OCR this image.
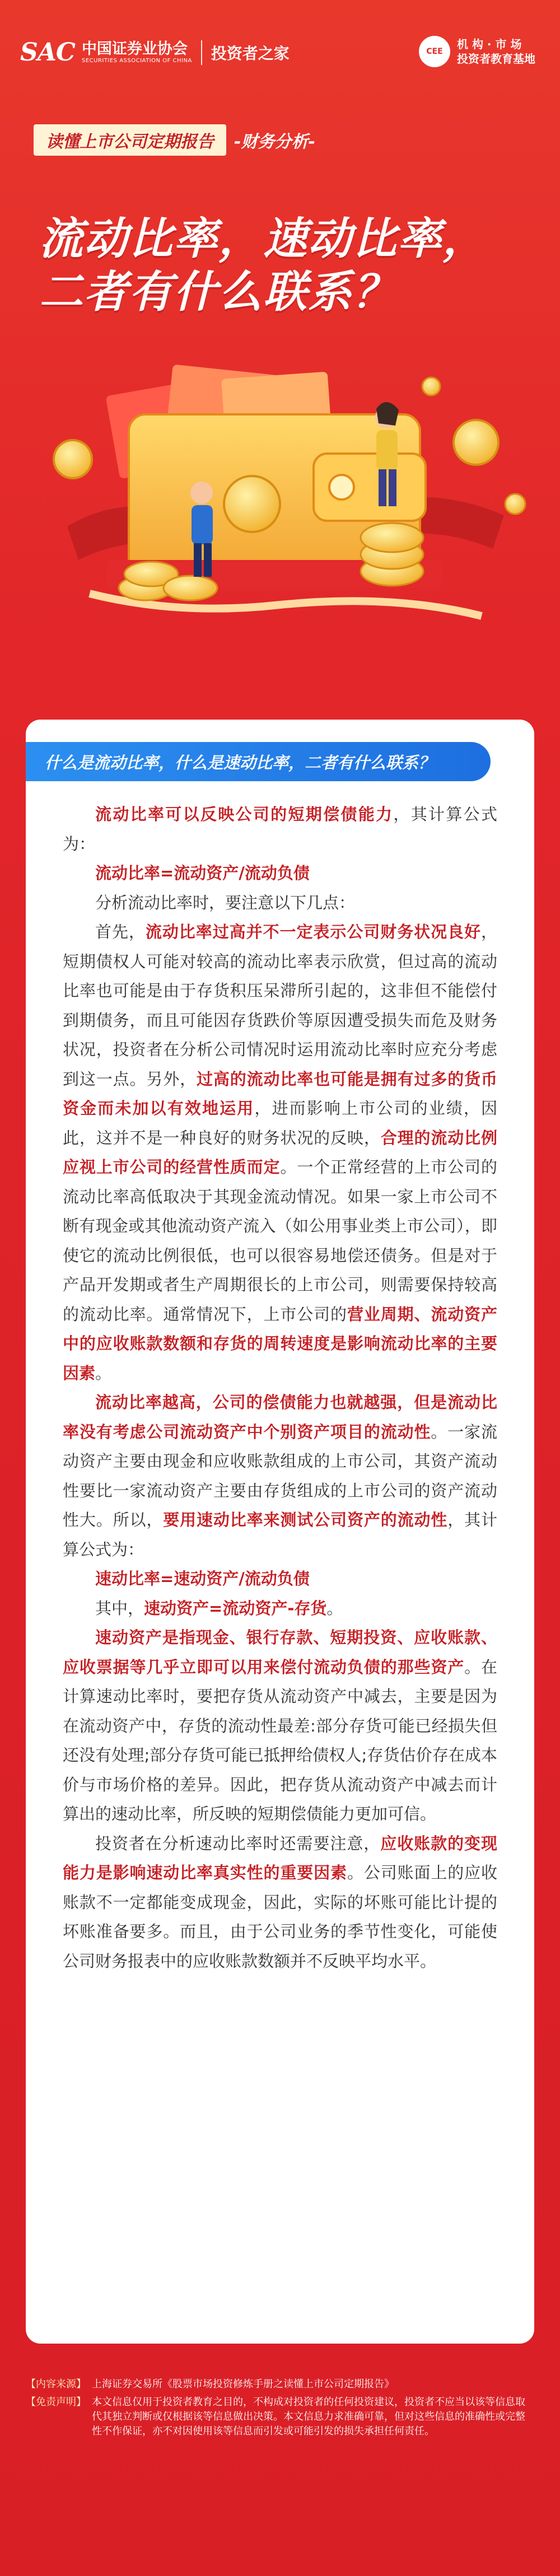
SAC 中国证券业协会
SECURITIES ASSOCIATION OF CHINA 投资者之家	CEE
机 构 · 市 场
投资者教育基地
读懂上市公司定期报告	-财务分析-
流动比率，速动比率，
二者有什么联系？
什么是流动比率，什么是速动比率，二者有什么联系？

流动比率可以反映公司的短期偿债能力，其计算公式为：

流动比率=流动资产/流动负债

分析流动比率时，要注意以下几点：

首先，流动比率过高并不一定表示公司财务状况良好，短期债权人可能对较高的流动比率表示欣赏，但过高的流动比率也可能是由于存货积压呆滞所引起的，这非但不能偿付到期债务，而且可能因存货跌价等原因遭受损失而危及财务状况，投资者在分析公司情况时运用流动比率时应充分考虑到这一点。另外，过高的流动比率也可能是拥有过多的货币资金而未加以有效地运用，进而影响上市公司的业绩，因此，这并不是一种良好的财务状况的反映，合理的流动比例应视上市公司的经营性质而定。一个正常经营的上市公司的流动比率高低取决于其现金流动情况。如果一家上市公司不断有现金或其他流动资产流入（如公用事业类上市公司），即使它的流动比例很低，也可以很容易地偿还债务。但是对于产品开发期或者生产周期很长的上市公司，则需要保持较高的流动比率。通常情况下，上市公司的营业周期、流动资产中的应收账款数额和存货的周转速度是影响流动比率的主要因素。

流动比率越高，公司的偿债能力也就越强，但是流动比率没有考虑公司流动资产中个别资产项目的流动性。一家流动资产主要由现金和应收账款组成的上市公司，其资产流动性要比一家流动资产主要由存货组成的上市公司的资产流动性大。所以，要用速动比率来测试公司资产的流动性，其计算公式为：

速动比率=速动资产/流动负债

其中，速动资产=流动资产-存货。

速动资产是指现金、银行存款、短期投资、应收账款、应收票据等几乎立即可以用来偿付流动负债的那些资产。在计算速动比率时，要把存货从流动资产中减去，主要是因为在流动资产中，存货的流动性最差:部分存货可能已经损失但还没有处理;部分存货可能已抵押给债权人;存货估价存在成本价与市场价格的差异。因此，把存货从流动资产中减去而计算出的速动比率，所反映的短期偿债能力更加可信。

投资者在分析速动比率时还需要注意，应收账款的变现能力是影响速动比率真实性的重要因素。公司账面上的应收账款不一定都能变成现金，因此，实际的坏账可能比计提的坏账准备要多。而且，由于公司业务的季节性变化，可能使公司财务报表中的应收账款数额并不反映平均水平。

【内容来源】 上海证券交易所《股票市场投资修炼手册之读懂上市公司定期报告》
【免责声明】 本文信息仅用于投资者教育之目的，不构成对投资者的任何投资建议，投资者不应当以该等信息取代其独立判断或仅根据该等信息做出决策。本文信息力求准确可靠，但对这些信息的准确性或完整性不作保证，亦不对因使用该等信息而引发或可能引发的损失承担任何责任。
